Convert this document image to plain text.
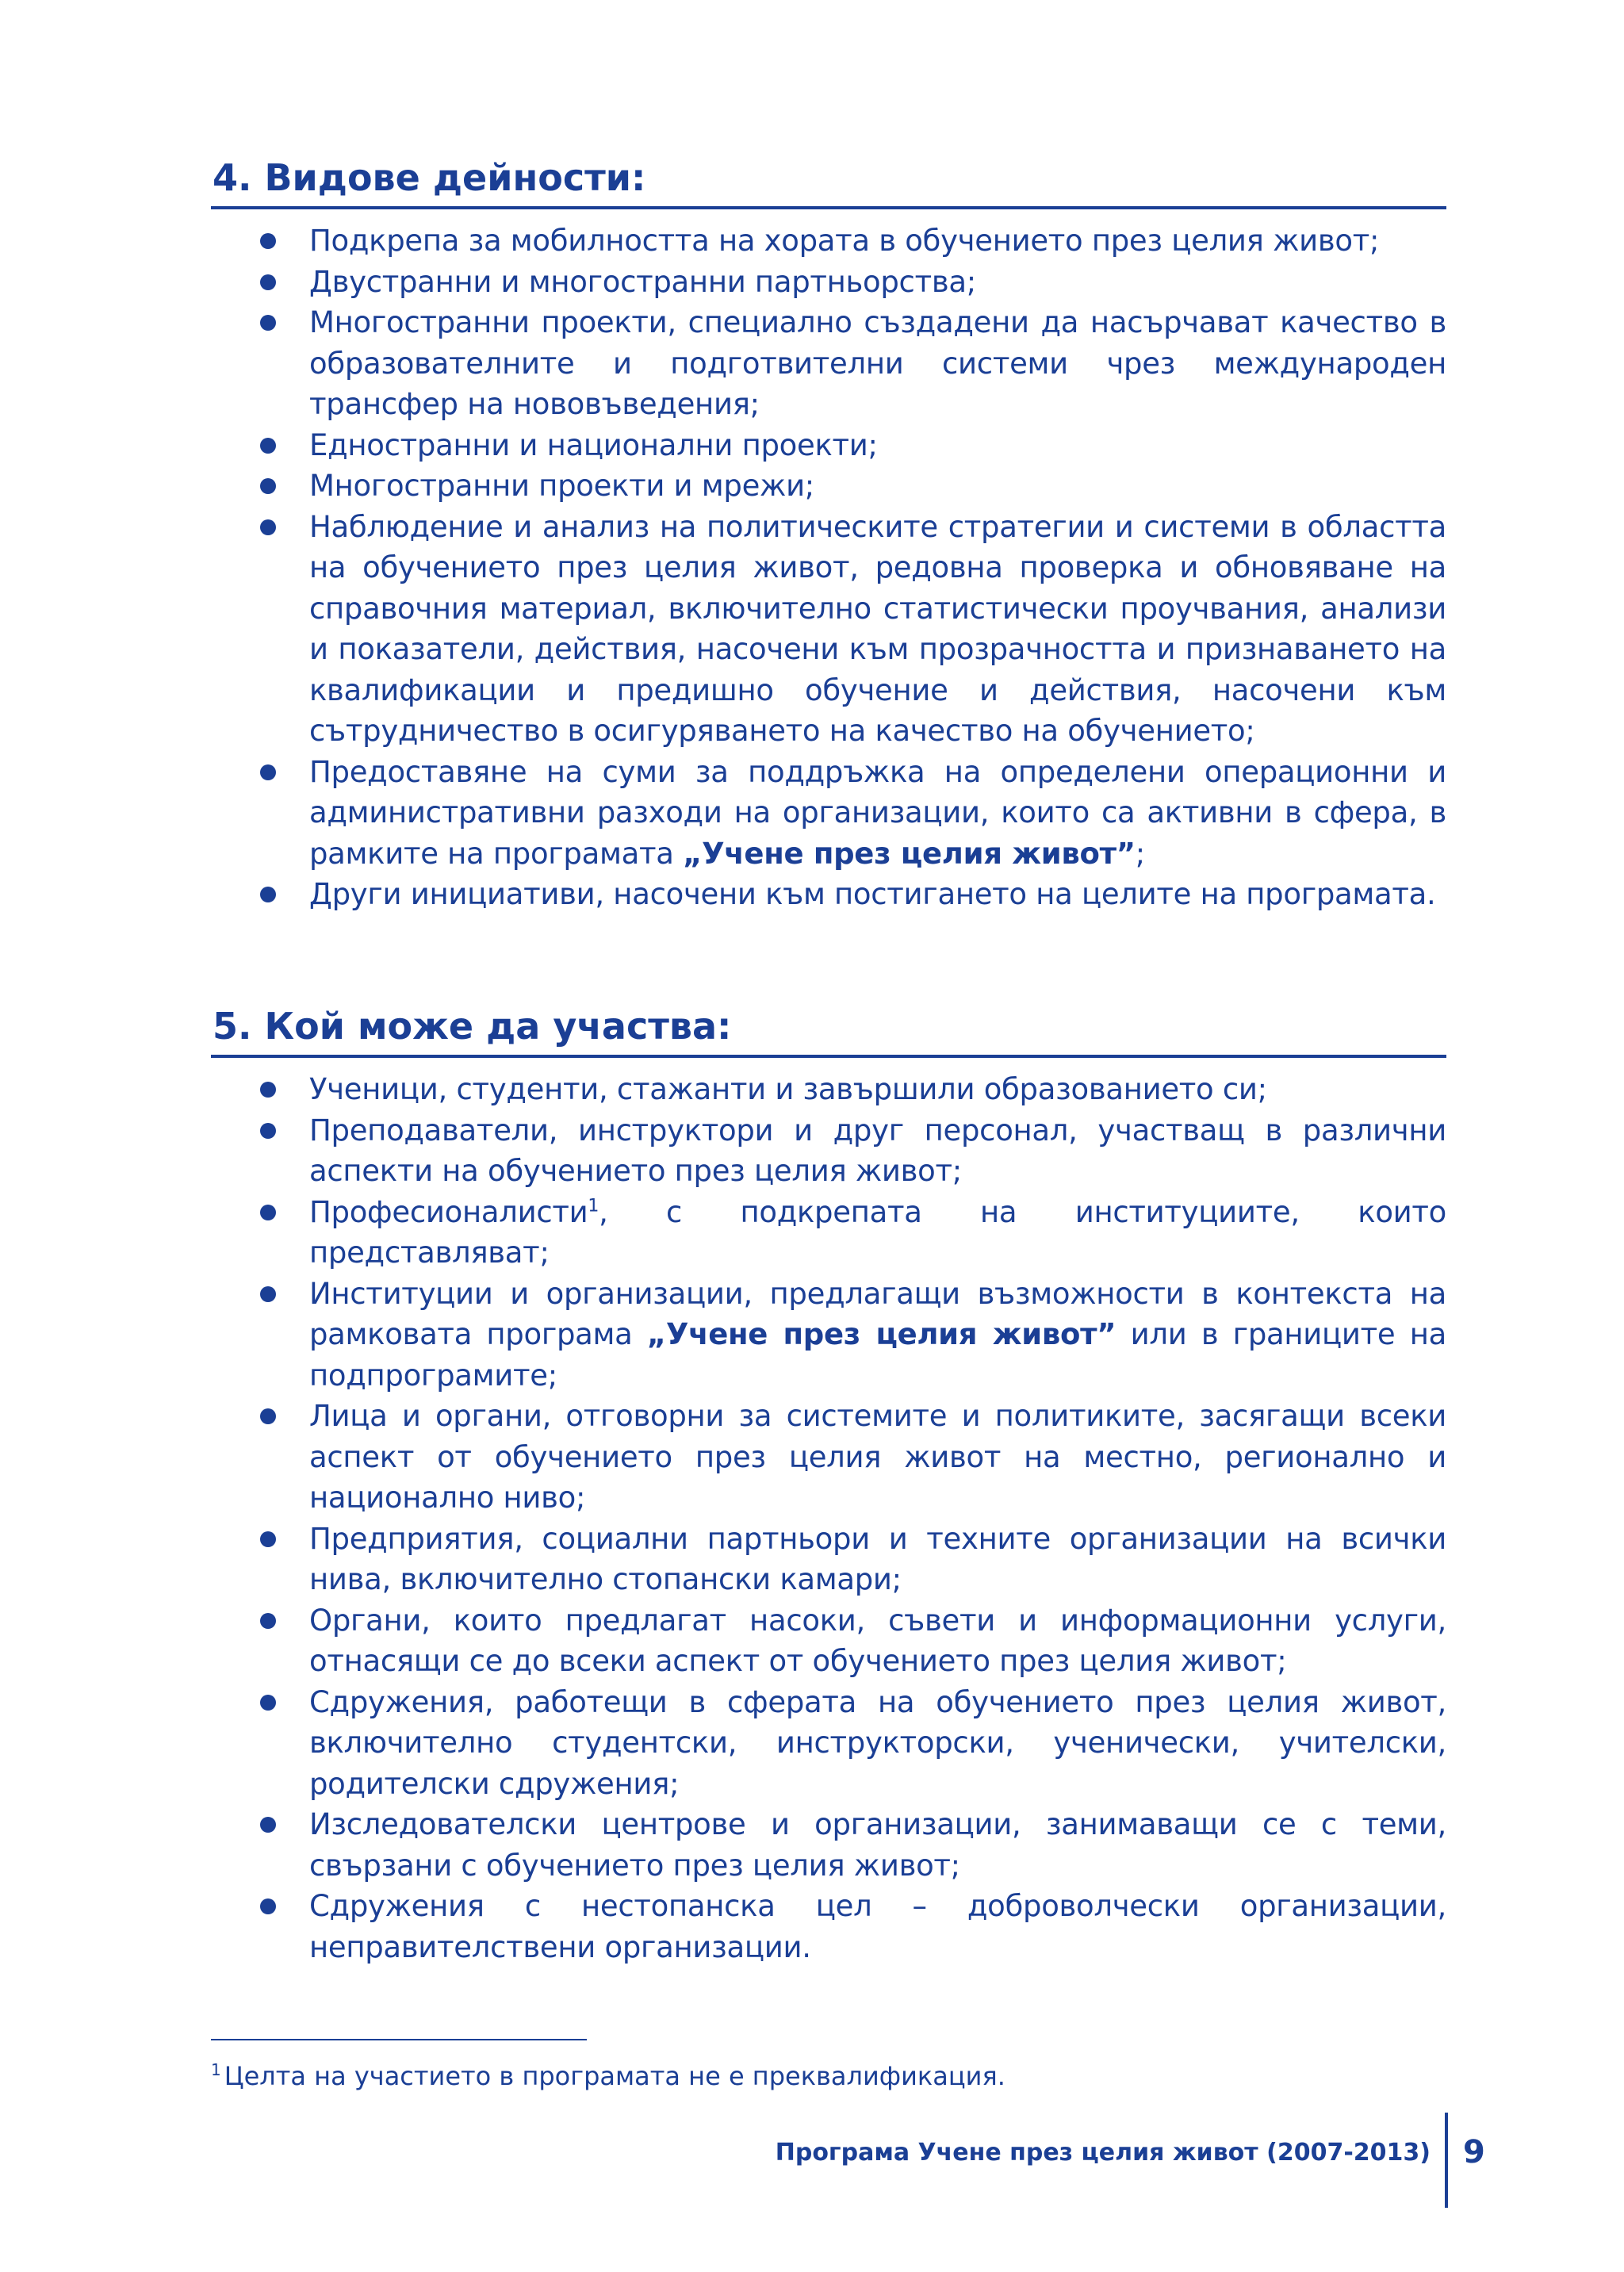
4. Видове дейности:
Подкрепа за мобилността на хората в обучението през целия живот;
Двустранни и многостранни партньорства;
Многостранни проекти, специално създадени да насърчават качество в образователните и подготвителни системи чрез международен трансфер на нововъведения;
Едностранни и национални проекти;
Многостранни проекти и мрежи;
Наблюдение и анализ на политическите стратегии и системи в областта на обучението през целия живот, редовна проверка и обновяване на справочния материал, включително статистически проучвания, анализи и показатели, действия, насочени към прозрачността и признаването на квалификации и предишно обучение и действия, насочени към сътрудничество в осигуряването на качество на обучението;
Предоставяне на суми за поддръжка на определени операционни и административни разходи на организации, които са активни в сфера, в рамките на програмата „Учене през целия живот”;
Други инициативи, насочени към постигането на целите на програмата.
5. Кой може да участва:
Ученици, студенти, стажанти и завършили образованието си;
Преподаватели, инструктори и друг персонал, участващ в различни аспекти на обучението през целия живот;
Професионалисти$^1$, с подкрепата на институциите, които представляват;
Институции и организации, предлагащи възможности в контекста на рамковата програма „Учене през целия живот” или в границите на подпрограмите;
Лица и органи, отговорни за системите и политиките, засягащи всеки аспект от обучението през целия живот на местно, регионално и национално ниво;
Предприятия, социални партньори и техните организации на всички нива, включително стопански камари;
Органи, които предлагат насоки, съвети и информационни услуги, отнасящи се до всеки аспект от обучението през целия живот;
Сдружения, работещи в сферата на обучението през целия живот, включително студентски, инструкторски, ученически, учителски, родителски сдружения;
Изследователски центрове и организации, занимаващи се с теми, свързани с обучението през целия живот;
Сдружения с нестопанска цел – доброволчески организации, неправителствени организации.
$^1$ Целта на участието в програмата не е преквалификация.
Програма Учене през целия живот (2007-2013) 9
